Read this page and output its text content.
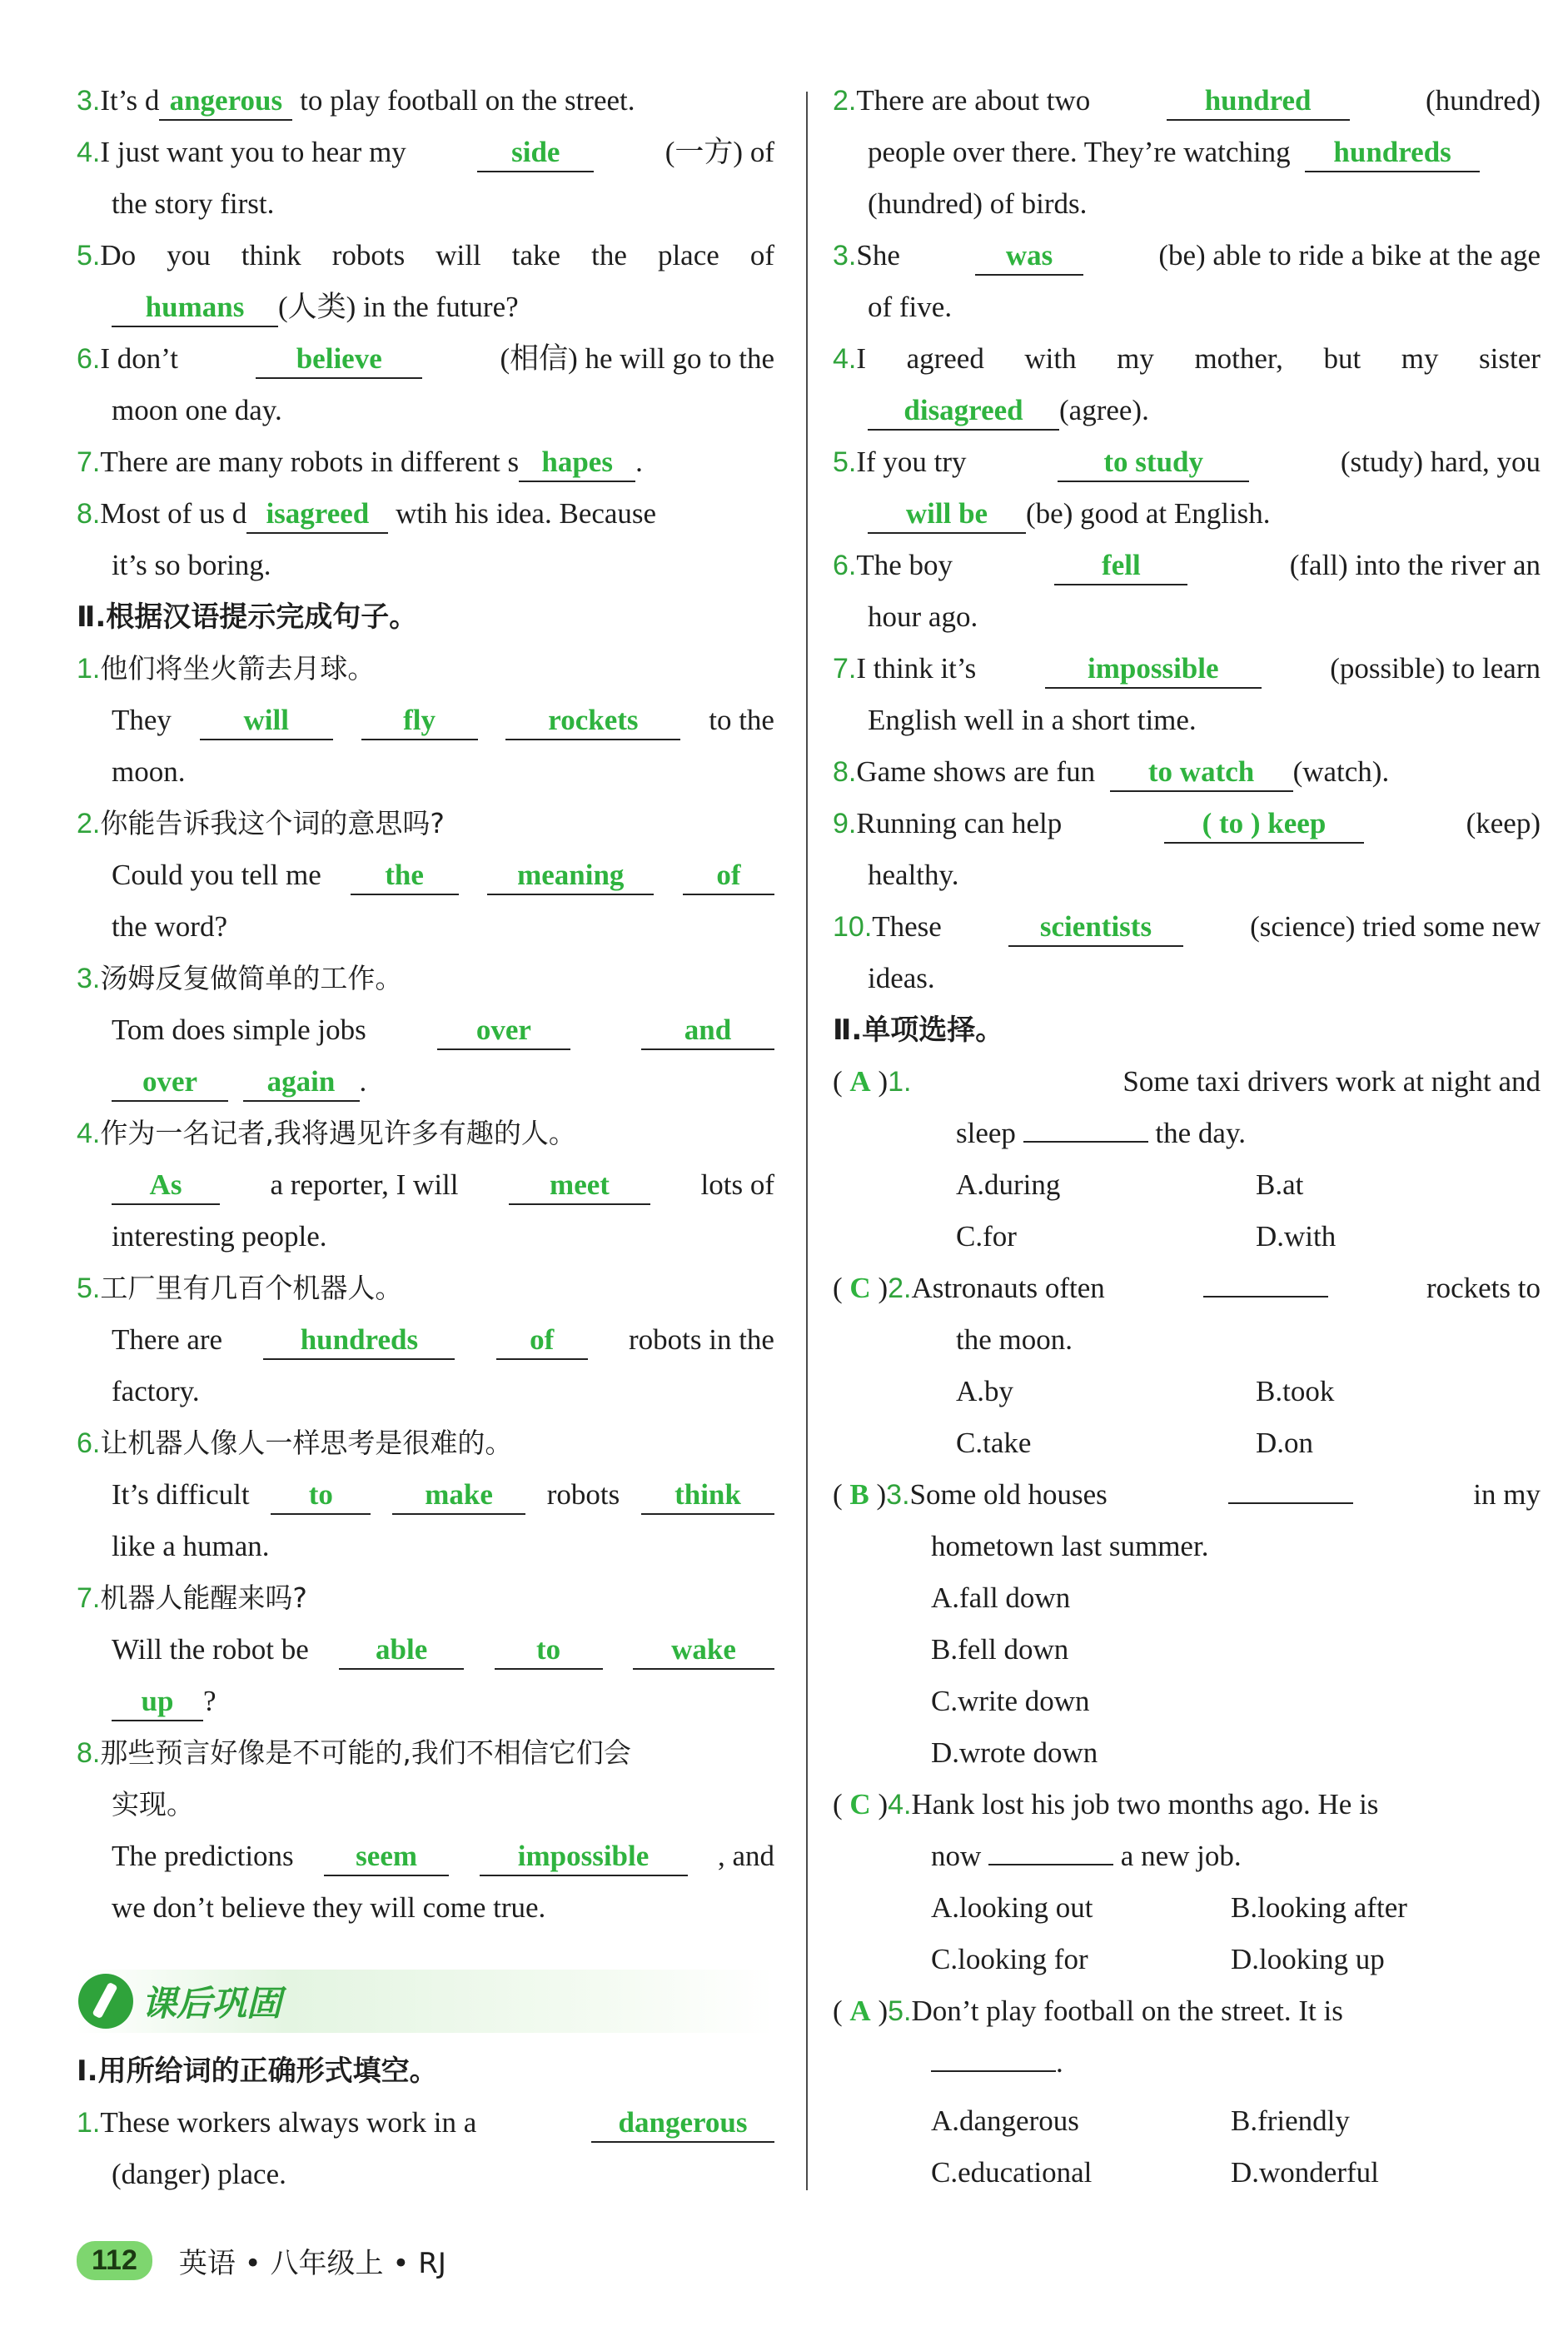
3.It’s d angerous to play football on the street.
4.I just want you to hear my	side	(一方) of
the story first.
5.Do you think robots will take the place of
humans (人类) in the future?
6.I don’t	believe	(相信) he will go to the
moon one day.
7.There are many robots in different s hapes .
8.Most of us d isagreed wtih his idea. Because
it’s so boring.
Ⅱ.根据汉语提示完成句子。
1.他们将坐火箭去月球。
They	will	fly	rockets	to the
moon.
2.你能告诉我这个词的意思吗?
Could you tell me	the	meaning	of
the word?
3.汤姆反复做简单的工作。
Tom does simple jobs	over	and
over again .
4.作为一名记者,我将遇见许多有趣的人。
As	a reporter, I will	meet	lots of
interesting people.
5.工厂里有几百个机器人。
There are	hundreds	of	robots in the
factory.
6.让机器人像人一样思考是很难的。
It’s difficult	to	make	robots	think
like a human.
7.机器人能醒来吗?
Will the robot be	able	to	wake
up ?
8.那些预言好像是不可能的,我们不相信它们会
实现。
The predictions	seem	impossible	, and
we don’t believe they will come true.
课后巩固
Ⅰ.用所给词的正确形式填空。
1.These workers always work in a	dangerous
(danger) place.
2.There are about two	hundred	(hundred)
people over there. They’re watching hundreds
(hundred) of birds.
3.She	was	(be) able to ride a bike at the age
of five.
4.I agreed with my mother, but my sister
disagreed (agree).
5.If you try	to study	(study) hard, you
will be (be) good at English.
6.The boy	fell	(fall) into the river an
hour ago.
7.I think it’s	impossible	(possible) to learn
English well in a short time.
8.Game shows are fun to watch (watch).
9.Running can help	( to ) keep	(keep)
healthy.
10.These	scientists	(science) tried some new
ideas.
Ⅱ.单项选择。
( A )1.	Some taxi drivers work at night and
sleep	the day.
A.during	B.at
C.for	D.with
( C )2.Astronauts often	rockets to
the moon.
A.by	B.took
C.take	D.on
( B )3.Some old houses	in my
hometown last summer.
A.fall down
B.fell down
C.write down
D.wrote down
( C )4.Hank lost his job two months ago. He is
now	a new job.
A.looking out	B.looking after
C.looking for	D.looking up
( A )5.Don’t play football on the street. It is
.
A.dangerous	B.friendly
C.educational	D.wonderful
112	英语 • 八年级上 • RJ
